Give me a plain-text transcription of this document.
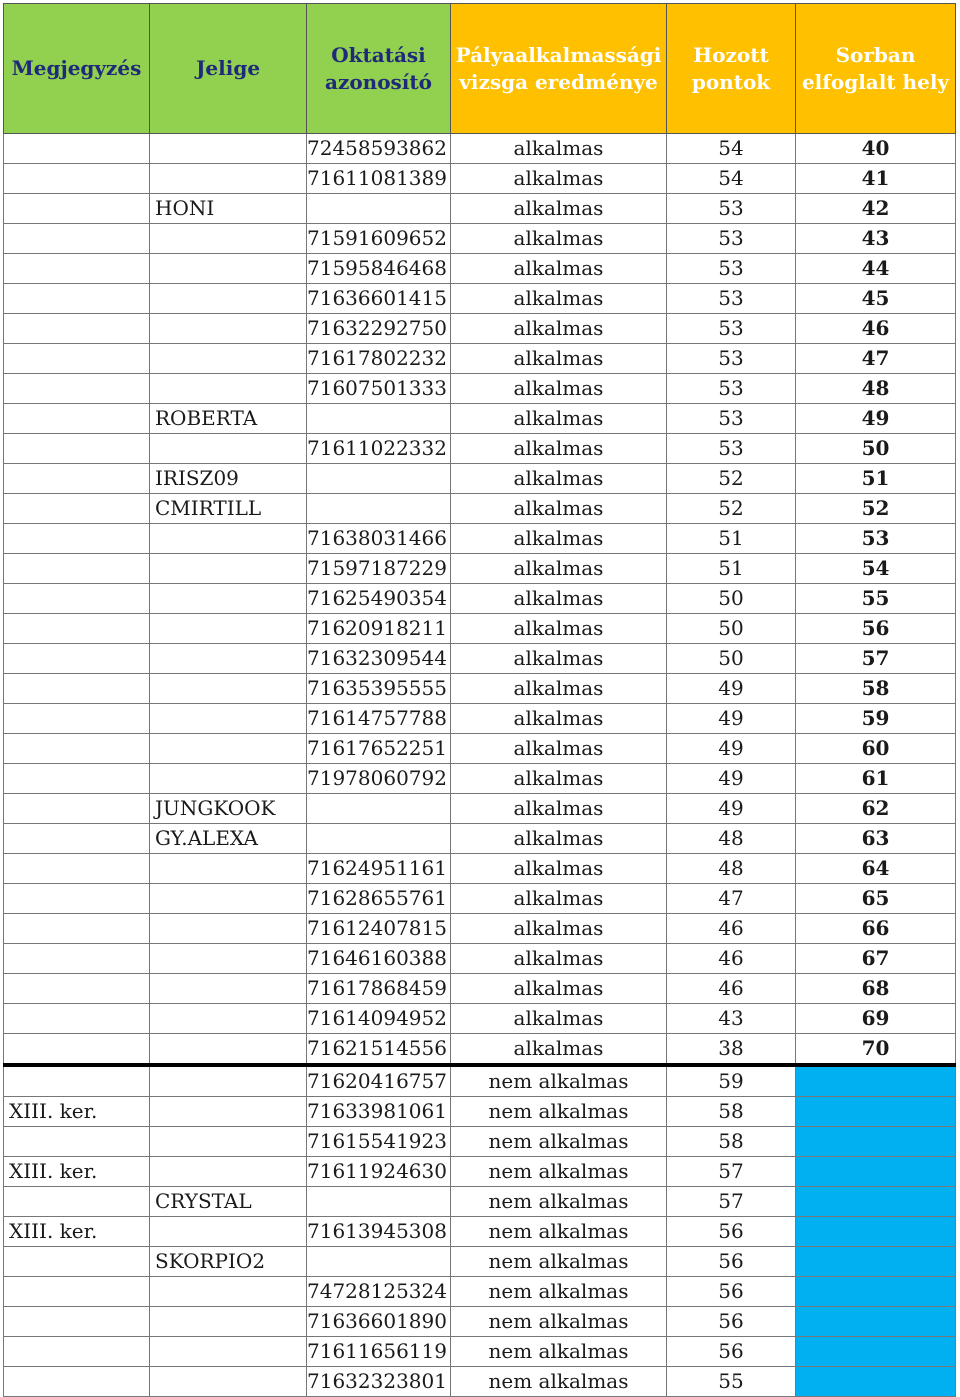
Megjegyzés	Jelige	Oktatási azonosító	Pályaalkalmassági vizsga eredménye	Hozott pontok	Sorban elfoglalt hely
		72458593862	alkalmas	54	40
		71611081389	alkalmas	54	41
	HONI		alkalmas	53	42
		71591609652	alkalmas	53	43
		71595846468	alkalmas	53	44
		71636601415	alkalmas	53	45
		71632292750	alkalmas	53	46
		71617802232	alkalmas	53	47
		71607501333	alkalmas	53	48
	ROBERTA		alkalmas	53	49
		71611022332	alkalmas	53	50
	IRISZ09		alkalmas	52	51
	CMIRTILL		alkalmas	52	52
		71638031466	alkalmas	51	53
		71597187229	alkalmas	51	54
		71625490354	alkalmas	50	55
		71620918211	alkalmas	50	56
		71632309544	alkalmas	50	57
		71635395555	alkalmas	49	58
		71614757788	alkalmas	49	59
		71617652251	alkalmas	49	60
		71978060792	alkalmas	49	61
	JUNGKOOK		alkalmas	49	62
	GY.ALEXA		alkalmas	48	63
		71624951161	alkalmas	48	64
		71628655761	alkalmas	47	65
		71612407815	alkalmas	46	66
		71646160388	alkalmas	46	67
		71617868459	alkalmas	46	68
		71614094952	alkalmas	43	69
		71621514556	alkalmas	38	70
		71620416757	nem alkalmas	59	
XIII. ker.		71633981061	nem alkalmas	58	
		71615541923	nem alkalmas	58	
XIII. ker.		71611924630	nem alkalmas	57	
	CRYSTAL		nem alkalmas	57	
XIII. ker.		71613945308	nem alkalmas	56	
	SKORPIO2		nem alkalmas	56	
		74728125324	nem alkalmas	56	
		71636601890	nem alkalmas	56	
		71611656119	nem alkalmas	56	
		71632323801	nem alkalmas	55	
